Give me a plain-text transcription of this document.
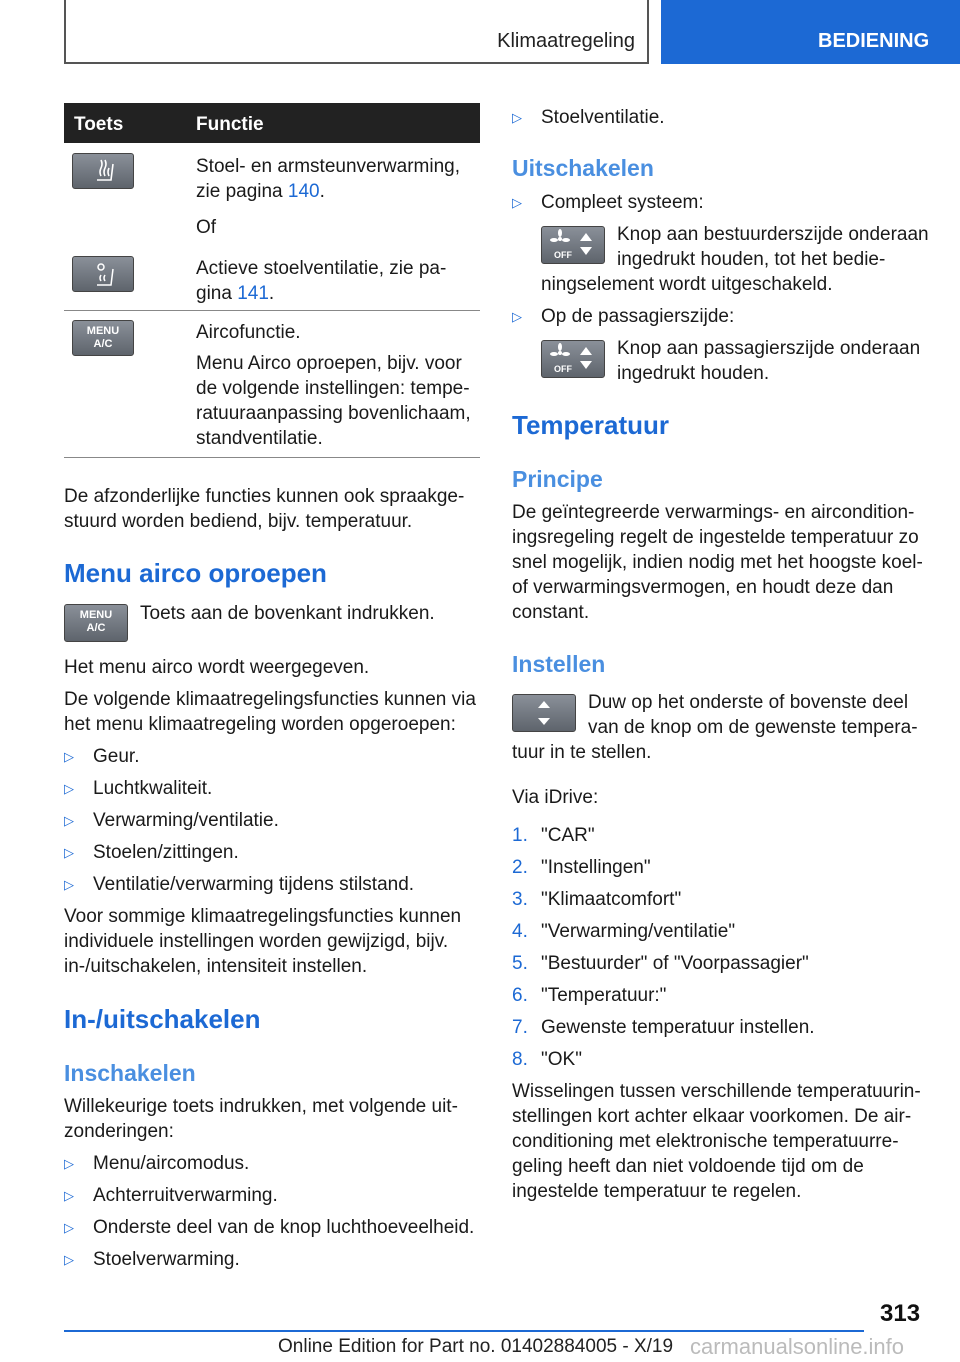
Klimaatregeling	BEDIENING
Toets	Functie

Stoel- en armsteunverwarming,

zie pagina 140.

Of

Actieve stoelventilatie, zie pa-

gina 141.

MENU
A/C

Aircofunctie.

Menu Airco oproepen, bijv. voor

de volgende instellingen: tempe-

ratuuraanpassing bovenlichaam,

standventilatie.

De afzonderlijke functies kunnen ook spraakge-

stuurd worden bediend, bijv. temperatuur.

Menu airco oproepen
MENU
A/C

Toets aan de bovenkant indrukken.

Het menu airco wordt weergegeven.

De volgende klimaatregelingsfuncties kunnen via

het menu klimaatregeling worden opgeroepen:

▷ Geur.
▷ Luchtkwaliteit.
▷ Verwarming/ventilatie.
▷ Stoelen/zittingen.
▷ Ventilatie/verwarming tijdens stilstand.

Voor sommige klimaatregelingsfuncties kunnen

individuele instellingen worden gewijzigd, bijv.

in-/uitschakelen, intensiteit instellen.

In-/uitschakelen
Inschakelen

Willekeurige toets indrukken, met volgende uit-

zonderingen:

▷ Menu/aircomodus.
▷ Achterruitverwarming.
▷ Onderste deel van de knop luchthoeveelheid.
▷ Stoelverwarming.
▷ Stoelventilatie.
Uitschakelen
▷ Compleet systeem:
OFF

Knop aan bestuurderszijde onderaan

ingedrukt houden, tot het bedie-

ningselement wordt uitgeschakeld.

▷ Op de passagierszijde:
OFF

Knop aan passagierszijde onderaan

ingedrukt houden.

Temperatuur
Principe

De geïntegreerde verwarmings- en aircondition-

ingsregeling regelt de ingestelde temperatuur zo

snel mogelijk, indien nodig met het hoogste koel-

of verwarmingsvermogen, en houdt deze dan

constant.

Instellen

Duw op het onderste of bovenste deel

van de knop om de gewenste tempera-

tuur in te stellen.

Via iDrive:

1. "CAR"
2. "Instellingen"
3. "Klimaatcomfort"
4. "Verwarming/ventilatie"
5. "Bestuurder" of "Voorpassagier"
6. "Temperatuur:"
7. Gewenste temperatuur instellen.
8. "OK"

Wisselingen tussen verschillende temperatuurin-

stellingen kort achter elkaar voorkomen. De air-

conditioning met elektronische temperatuurre-

geling heeft dan niet voldoende tijd om de

ingestelde temperatuur te regelen.

313
Online Edition for Part no. 01402884005 - X/19 carmanualsonline.info
